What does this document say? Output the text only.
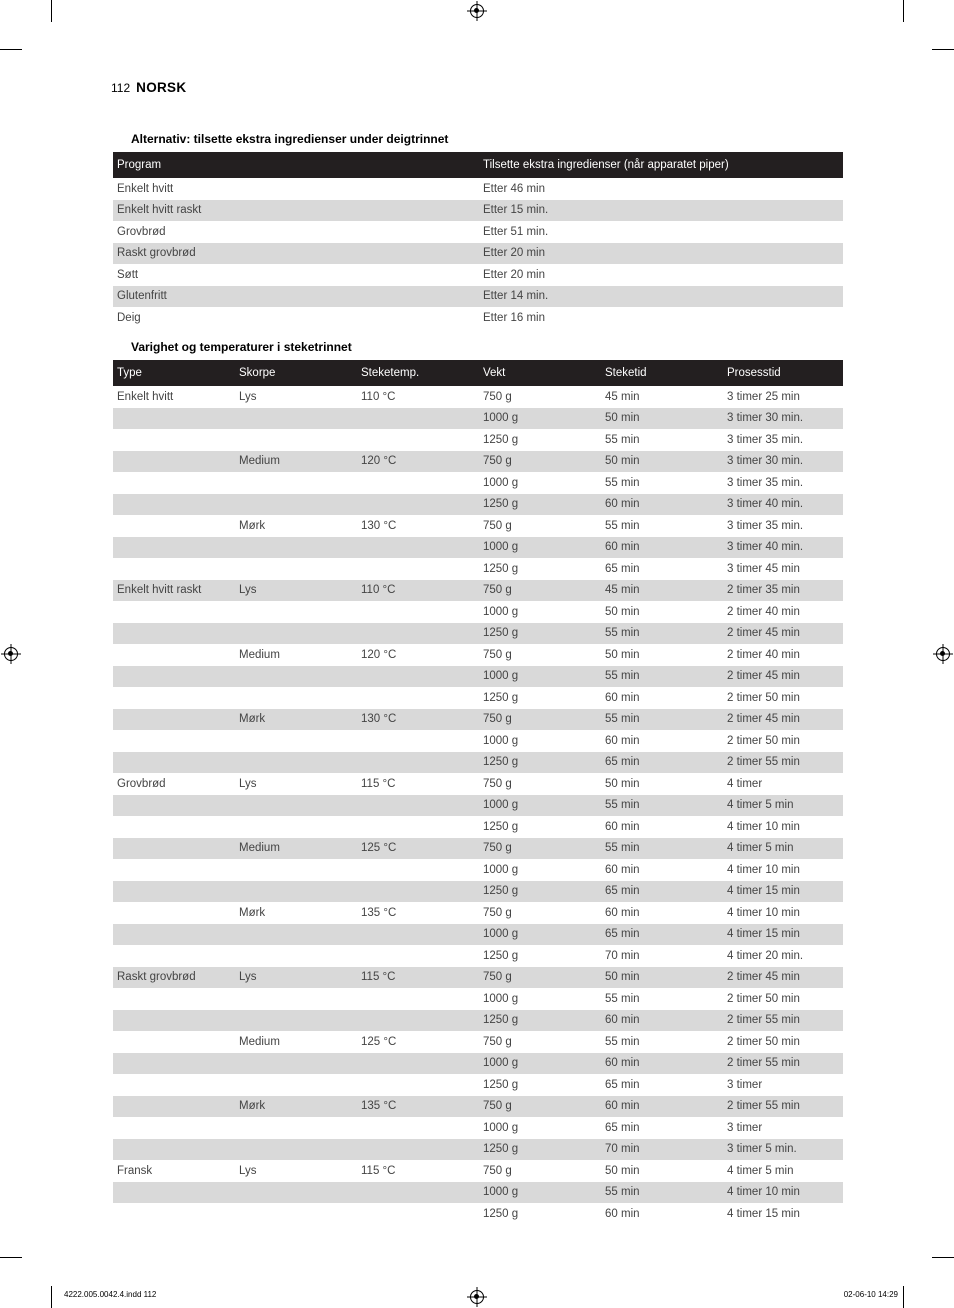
112 NORSK
Alternativ: tilsette ekstra ingredienser under deigtrinnet
Program	Tilsette ekstra ingredienser (når apparatet piper)
Enkelt hvitt	Etter 46 min
Enkelt hvitt raskt	Etter 15 min.
Grovbrød	Etter 51 min.
Raskt grovbrød	Etter 20 min
Søtt	Etter 20 min
Glutenfritt	Etter 14 min.
Deig	Etter 16 min
Varighet og temperaturer i steketrinnet
Type	Skorpe	Steketemp.	Vekt	Steketid	Prosesstid
Enkelt hvitt	Lys	110 °C	750 g	45 min	3 timer 25 min
			1000 g	50 min	3 timer 30 min.
			1250 g	55 min	3 timer 35 min.
	Medium	120 °C	750 g	50 min	3 timer 30 min.
			1000 g	55 min	3 timer 35 min.
			1250 g	60 min	3 timer 40 min.
	Mørk	130 °C	750 g	55 min	3 timer 35 min.
			1000 g	60 min	3 timer 40 min.
			1250 g	65 min	3 timer 45 min
Enkelt hvitt raskt	Lys	110 °C	750 g	45 min	2 timer 35 min
			1000 g	50 min	2 timer 40 min
			1250 g	55 min	2 timer 45 min
	Medium	120 °C	750 g	50 min	2 timer 40 min
			1000 g	55 min	2 timer 45 min
			1250 g	60 min	2 timer 50 min
	Mørk	130 °C	750 g	55 min	2 timer 45 min
			1000 g	60 min	2 timer 50 min
			1250 g	65 min	2 timer 55 min
Grovbrød	Lys	115 °C	750 g	50 min	4 timer
			1000 g	55 min	4 timer 5 min
			1250 g	60 min	4 timer 10 min
	Medium	125 °C	750 g	55 min	4 timer 5 min
			1000 g	60 min	4 timer 10 min
			1250 g	65 min	4 timer 15 min
	Mørk	135 °C	750 g	60 min	4 timer 10 min
			1000 g	65 min	4 timer 15 min
			1250 g	70 min	4 timer 20 min.
Raskt grovbrød	Lys	115 °C	750 g	50 min	2 timer 45 min
			1000 g	55 min	2 timer 50 min
			1250 g	60 min	2 timer 55 min
	Medium	125 °C	750 g	55 min	2 timer 50 min
			1000 g	60 min	2 timer 55 min
			1250 g	65 min	3 timer
	Mørk	135 °C	750 g	60 min	2 timer 55 min
			1000 g	65 min	3 timer
			1250 g	70 min	3 timer 5 min.
Fransk	Lys	115 °C	750 g	50 min	4 timer 5 min
			1000 g	55 min	4 timer 10 min
			1250 g	60 min	4 timer 15 min
4222.005.0042.4.indd 112	02-06-10 14:29
